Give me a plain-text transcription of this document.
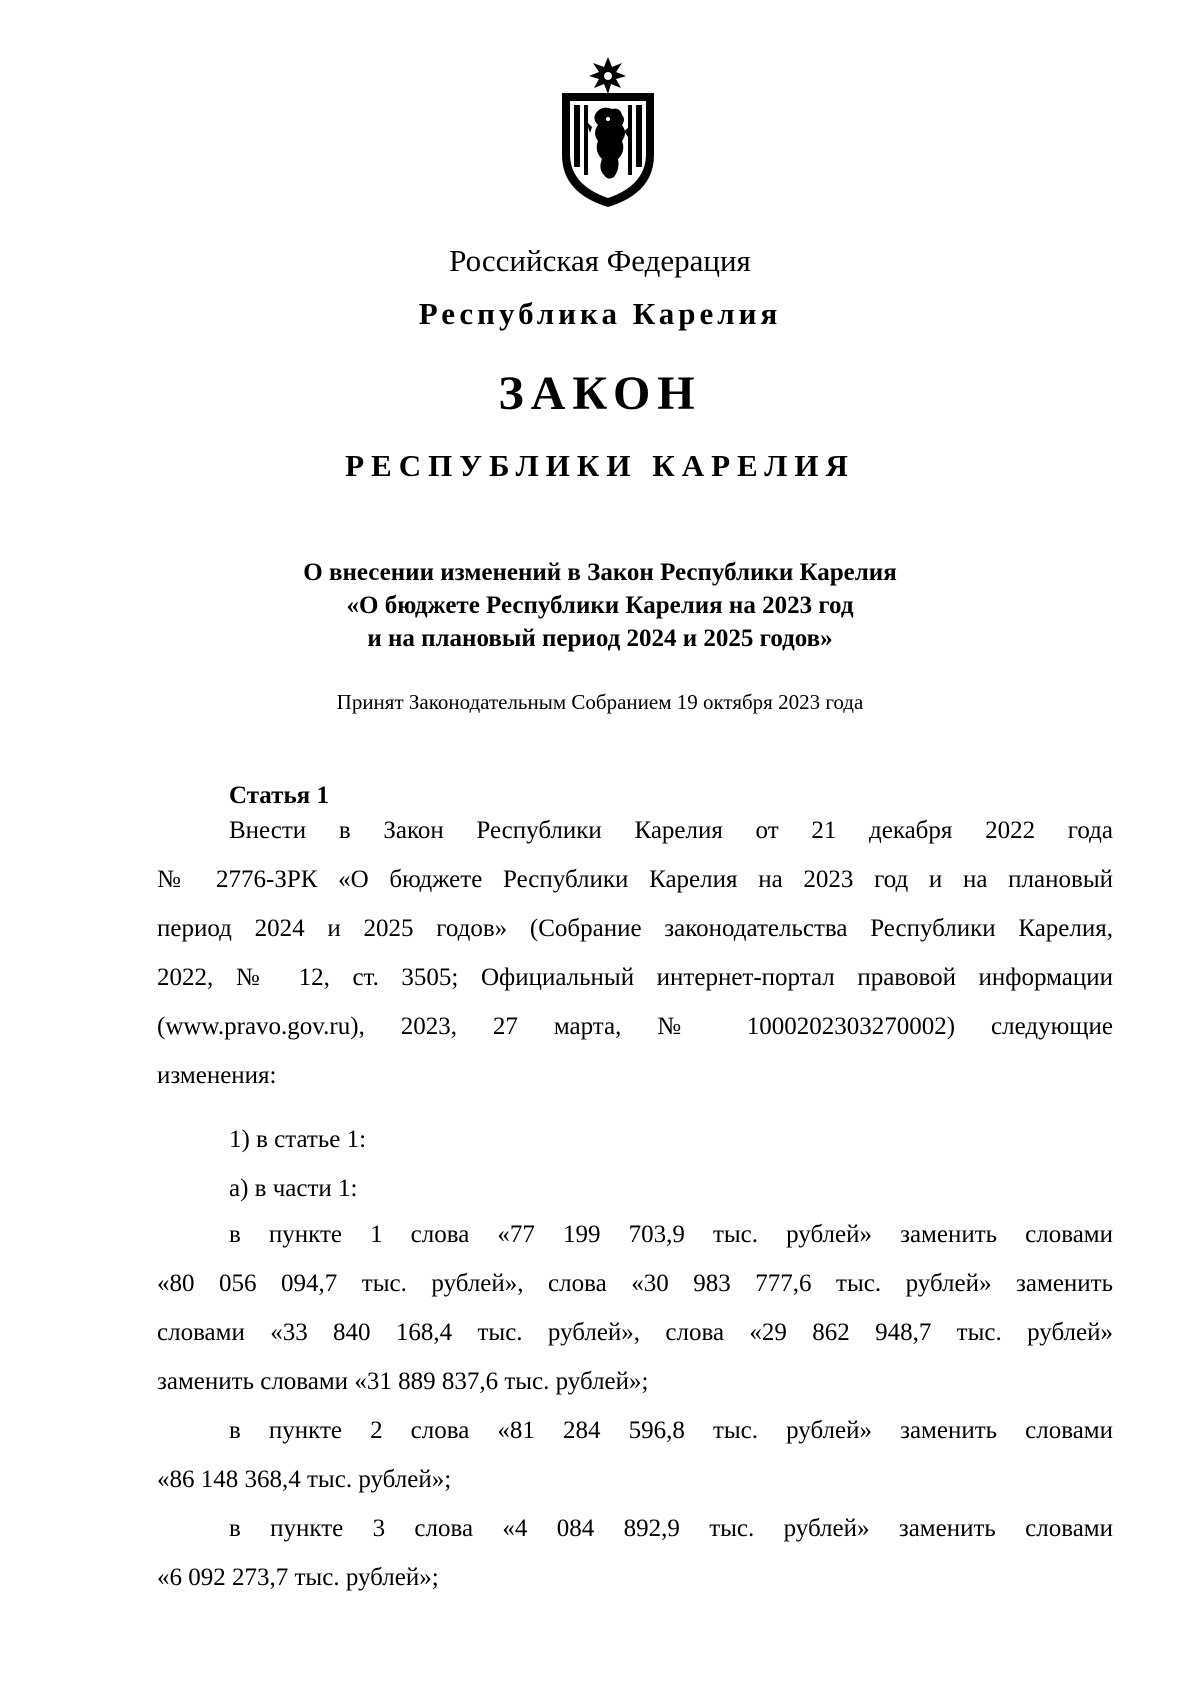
Российская Федерация
Республика Карелия
ЗАКОН
РЕСПУБЛИКИ КАРЕЛИЯ
О внесении изменений в Закон Республики Карелия
«О бюджете Республики Карелия на 2023 год
и на плановый период 2024 и 2025 годов»
Принят Законодательным Собранием 19 октября 2023 года
Статья 1

Внести в Закон Республики Карелия от 21 декабря 2022 года

№ 2776-ЗРК «О бюджете Республики Карелия на 2023 год и на плановый

период 2024 и 2025 годов» (Собрание законодательства Республики Карелия,

2022, № 12, ст. 3505; Официальный интернет-портал правовой информации

(www.pravo.gov.ru), 2023, 27 марта, № 1000202303270002) следующие

изменения:

1) в статье 1:
а) в части 1:

в пункте 1 слова «77 199 703,9 тыс. рублей» заменить словами

«80 056 094,7 тыс. рублей», слова «30 983 777,6 тыс. рублей» заменить

словами «33 840 168,4 тыс. рублей», слова «29 862 948,7 тыс. рублей»

заменить словами «31 889 837,6 тыс. рублей»;

в пункте 2 слова «81 284 596,8 тыс. рублей» заменить словами

«86 148 368,4 тыс. рублей»;

в пункте 3 слова «4 084 892,9 тыс. рублей» заменить словами

«6 092 273,7 тыс. рублей»;
